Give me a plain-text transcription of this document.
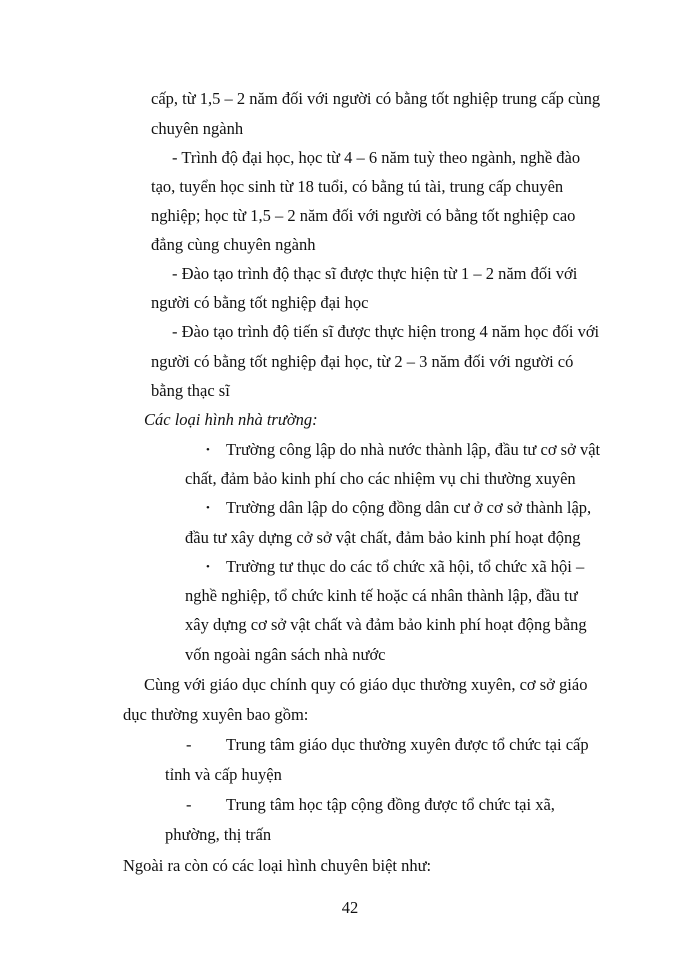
cấp, từ 1,5 – 2 năm đối với người có bằng tốt nghiệp trung cấp cùng
chuyên ngành
- Trình độ đại học, học từ 4 – 6 năm tuỳ theo ngành, nghề đào
tạo, tuyển học sinh từ 18 tuổi, có bằng tú tài, trung cấp chuyên
nghiệp; học từ 1,5 – 2 năm đối với người có bằng tốt nghiệp cao
đẳng cùng chuyên ngành
- Đào tạo trình độ thạc sĩ được thực hiện từ 1 – 2 năm đối với
người có bằng tốt nghiệp đại học
- Đào tạo trình độ tiến sĩ được thực hiện trong 4 năm học đối với
người có bằng tốt nghiệp đại học, từ 2 – 3 năm đối với người có
bằng thạc sĩ
Các loại hình nhà trường:
• Trường công lập do nhà nước thành lập, đầu tư cơ sở vật
chất, đảm bảo kinh phí cho các nhiệm vụ chi thường xuyên
• Trường dân lập do cộng đồng dân cư ở cơ sở thành lập,
đầu tư xây dựng cở sở vật chất, đảm bảo kinh phí hoạt động
• Trường tư thục do các tổ chức xã hội, tổ chức xã hội –
nghề nghiệp, tổ chức kinh tế hoặc cá nhân thành lập, đầu tư
xây dựng cơ sở vật chất và đảm bảo kinh phí hoạt động bằng
vốn ngoài ngân sách nhà nước
Cùng với giáo dục chính quy có giáo dục thường xuyên, cơ sở giáo
dục thường xuyên bao gồm:
- Trung tâm giáo dục thường xuyên được tổ chức tại cấp
tỉnh và cấp huyện
- Trung tâm học tập cộng đồng được tổ chức tại xã,
phường, thị trấn
Ngoài ra còn có các loại hình chuyên biệt như:
42
